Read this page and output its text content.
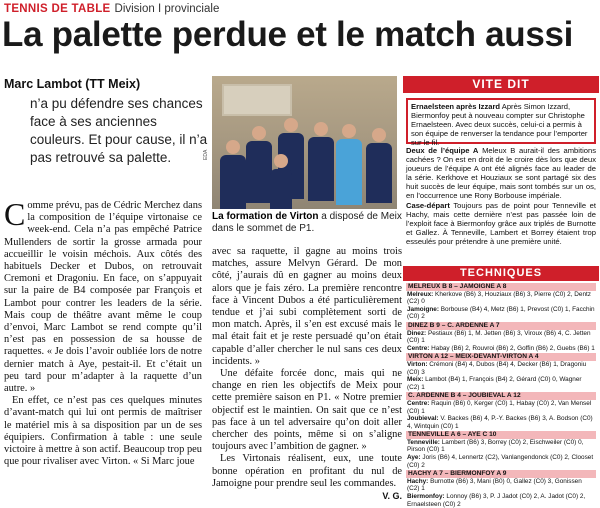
TENNIS DE TABLE Division I provinciale
La palette perdue et le match aussi
Marc Lambot (TT Meix)
n’a pu défendre ses chances face à ses anciennes couleurs. Et pour cause, il n’a pas retrouvé sa palette.	EDA
La formation de Virton a disposé de Meix dans le sommet de P1.

Comme prévu, pas de Cédric Merchez dans la composition de l’équipe virtonaise ce week-end. Cela n’a pas empêché Patrice Mullenders de sortir la grosse armada pour accueillir le voisin méchois. Aux côtés des habituels Decker et Dubos, on retrouvait Cremoni et Dragoniu. En face, on s’appuyait sur la paire de B4 composée par François et Lambot pour contrer les leaders de la série. Mais coup de théâtre avant même le coup d’envoi, Marc Lambot se rend compte qu’il n’est pas en possession de sa housse de raquettes. « Je dois l’avoir oubliée lors de notre dernier match à Aye, pestait-il. Et c’était un peu tard pour m’adapter à la raquette d’un autre. »

En effet, ce n’est pas ces quelques minutes d’avant-match qui lui ont permis de maîtriser le matériel mis à sa disposition par un de ses équipiers. Confirmation à table : une seule victoire à mettre à son actif. Beaucoup trop peu que pour rivaliser avec Virton. « Si Marc joue

avec sa raquette, il gagne au moins trois matches, assure Melvyn Gérard. De mon côté, j’aurais dû en gagner au moins deux alors que je fais zéro. La première rencontre face à Vincent Dubos a été particulièrement tendue et j’ai subi complètement sorti de mon match. Après, il s’en est excusé mais le mal était fait et je reste persuadé qu’on était capable d’aller chercher le nul sans ces deux incidents. »

Une défaite forcée donc, mais qui ne change en rien les objectifs de Meix pour cette première saison en P1. « Notre premier objectif est le maintien. On sait que ce n’est pas face à un tel adversaire qu’on doit aller chercher des points, même si on s’aligne toujours avec l’ambition de gagner. »

Les Virtonais réalisent, eux, une toute bonne opération en profitant du nul de Jamoigne pour prendre seul les commandes.

V. G.
VITE DIT
Ernaelsteen après Izzard Après Simon Izzard, Biermonfoy peut à nouveau compter sur Christophe Ernaelsteen. Avec deux succès, celui-ci a permis à son équipe de renverser la tendance pour l’emporter sur le fil.
Deux de l’équipe A Meleux B aurait-il des ambitions cachées ? On est en droit de le croire dès lors que deux joueurs de l’équipe A ont été alignés face au leader de la série. Kerkhove et Houziaux se sont partagé six des huit succès de leur équipe, mais sont tombés sur un os, en l’occurrence une Rony Borbouse impériale.
Case-départ Toujours pas de point pour Tenneville et Hachy, mais cette dernière n’est pas passée loin de l’exploit face à Biermonfoy grâce aux triplés de Burnotte et Gallez. À Tenneville, Lambert et Borrey étaient trop esseulés pour prétendre à une première unité.
TECHNIQUES
MELREUX B 8 – JAMOIGNE A 8
Melreux: Kherkove (B6) 3, Houziaux (B6) 3, Pierre (C0) 2, Dentz (C2) 0
Jamoigne: Borbouse (B4) 4, Metz (B6) 1, Prevost (C0) 1, Facchin (C0) 2
DINEZ B 9 – C. ARDENNE A 7
Dinez: Pestiaux (B6) 1, M. Jetten (B6) 3, Viroux (B6) 4, C. Jetten (C0) 1
Centre: Habay (B6) 2, Rouvroi (B6) 2, Goffin (B6) 2, Guebs (B6) 1
VIRTON A 12 – MEIX-DEVANT-VIRTON A 4
Virton: Crémoni (B4) 4, Dubos (B4) 4, Decker (B6) 1, Dragoniu (C0) 3
Meix: Lambot (B4) 1, François (B4) 2, Gérard (C0) 0, Wagner (C2) 1
C. ARDENNE B 4 – JOUBIEVAL A 12
Centre: Raquin (B6) 0, Kerger (C0) 1, Habay (C0) 2, Van Mensel (C0) 1
Joubieval: V. Backes (B6) 4, P.-Y. Backes (B6) 3, A. Bodson (C0) 4, Wintquin (C0) 1
TENNEVILLE A 6 – AYE C 10
Tenneville: Lambert (B6) 3, Borrey (C0) 2, Eischweiler (C0) 0, Pirson (C0) 1
Aye: Joris (B6) 4, Lennertz (C2), Vanlangendonck (C0) 2, Clooset (C0) 2
HACHY A 7 – BIERMONFOY A 9
Hachy: Burnotte (B6) 3, Mani (B0) 0, Gallez (C0) 3, Gonissen (C2) 1
Biermonfoy: Lonnoy (B6) 3, P. J Jadot (C0) 2, A. Jadot (C0) 2, Ernaelsteen (C0) 2
